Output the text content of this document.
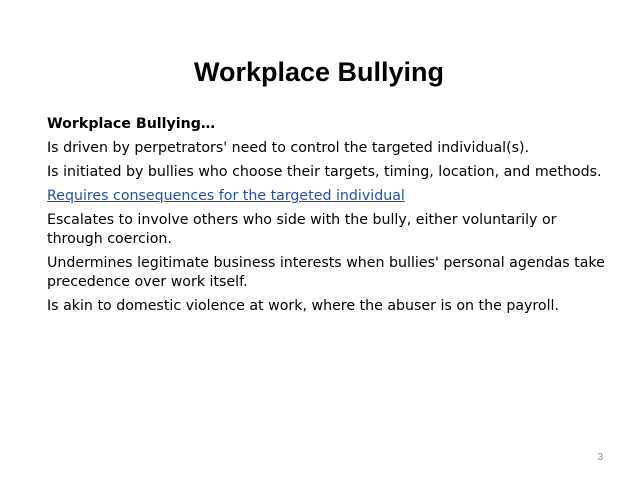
Workplace Bullying

Workplace Bullying…

Is driven by perpetrators' need to control the targeted individual(s).

Is initiated by bullies who choose their targets, timing, location, and methods.

Requires consequences for the targeted individual

Escalates to involve others who side with the bully, either voluntarily or through coercion.

Undermines legitimate business interests when bullies' personal agendas take precedence over work itself.

Is akin to domestic violence at work, where the abuser is on the payroll.

3
